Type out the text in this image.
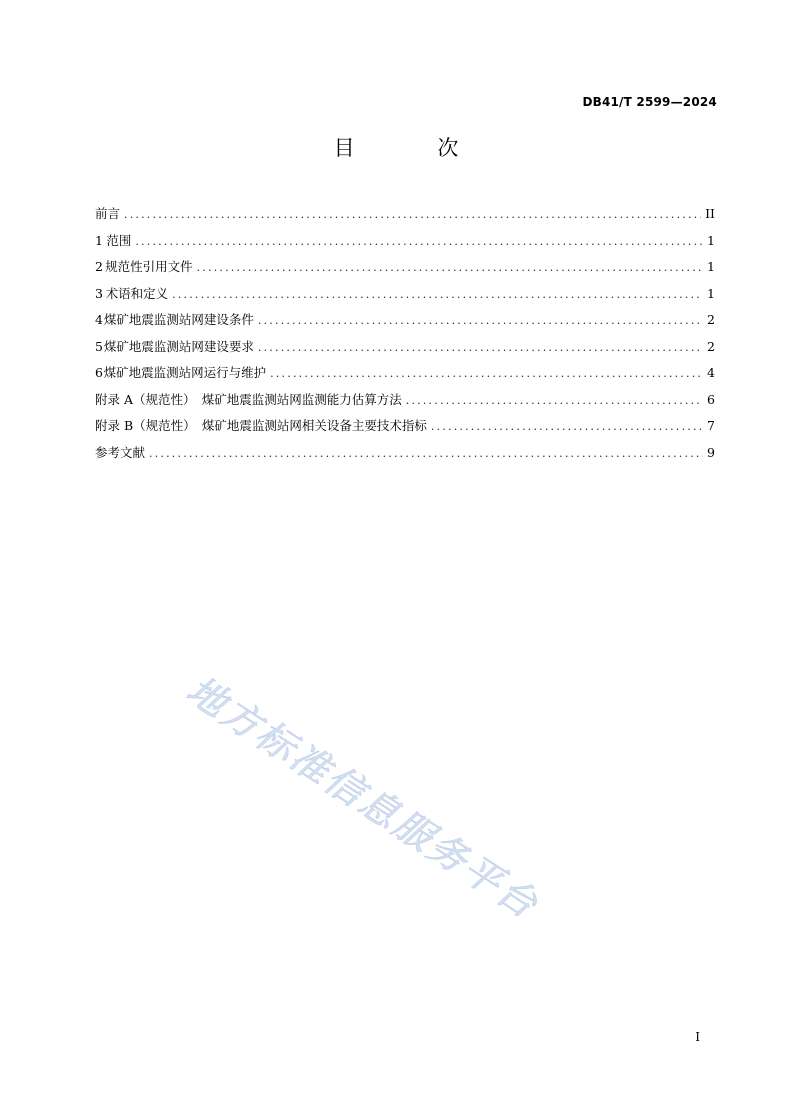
DB41/T 2599—2024
目 次
前言 .....	II
1 范围 .....	1
2 规范性引用文件 .....	1
3 术语和定义 .....	1
4 煤矿地震监测站网建设条件 .....	2
5 煤矿地震监测站网建设要求 .....	2
6 煤矿地震监测站网运行与维护 .....	4
附录 A（规范性）　煤矿地震监测站网监测能力估算方法 .....	6
附录 B（规范性）　煤矿地震监测站网相关设备主要技术指标 .....	7
参考文献 .....	9
地方标准信息服务平台
I
